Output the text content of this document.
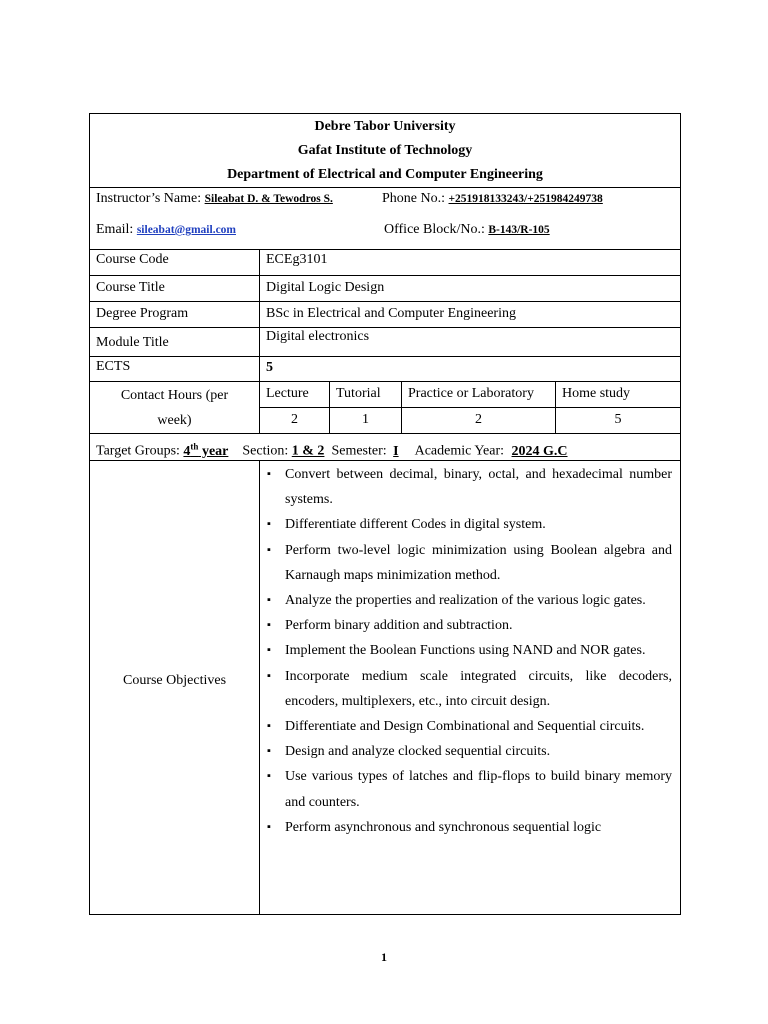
Debre Tabor University
Gafat Institute of Technology
Department of Electrical and Computer Engineering
Instructor’s Name: Sileabat D. & Tewodros S.	Phone No.: +251918133243/+251984249738
Email: sileabat@gmail.com	Office Block/No.: B-143/R-105
Course Code	ECEg3101
Course Title	Digital Logic Design
Degree Program	BSc in Electrical and Computer Engineering
Module Title	Digital electronics
ECTS	5
Contact Hours (per
week)
Lecture	Tutorial	Practice or Laboratory	Home study
2	1	2	5
Target Groups: 4th year Section: 1 & 2 Semester: I Academic Year: 2024 G.C
Course Objectives
▪ Convert between decimal, binary, octal, and hexadecimal number systems.
▪ Differentiate different Codes in digital system.
▪ Perform two-level logic minimization using Boolean algebra and Karnaugh maps minimization method.
▪ Analyze the properties and realization of the various logic gates.
▪ Perform binary addition and subtraction.
▪ Implement the Boolean Functions using NAND and NOR gates.
▪ Incorporate medium scale integrated circuits, like decoders, encoders, multiplexers, etc., into circuit design.
▪ Differentiate and Design Combinational and Sequential circuits.
▪ Design and analyze clocked sequential circuits.
▪ Use various types of latches and flip-flops to build binary memory and counters.
▪ Perform asynchronous and synchronous sequential logic
1
